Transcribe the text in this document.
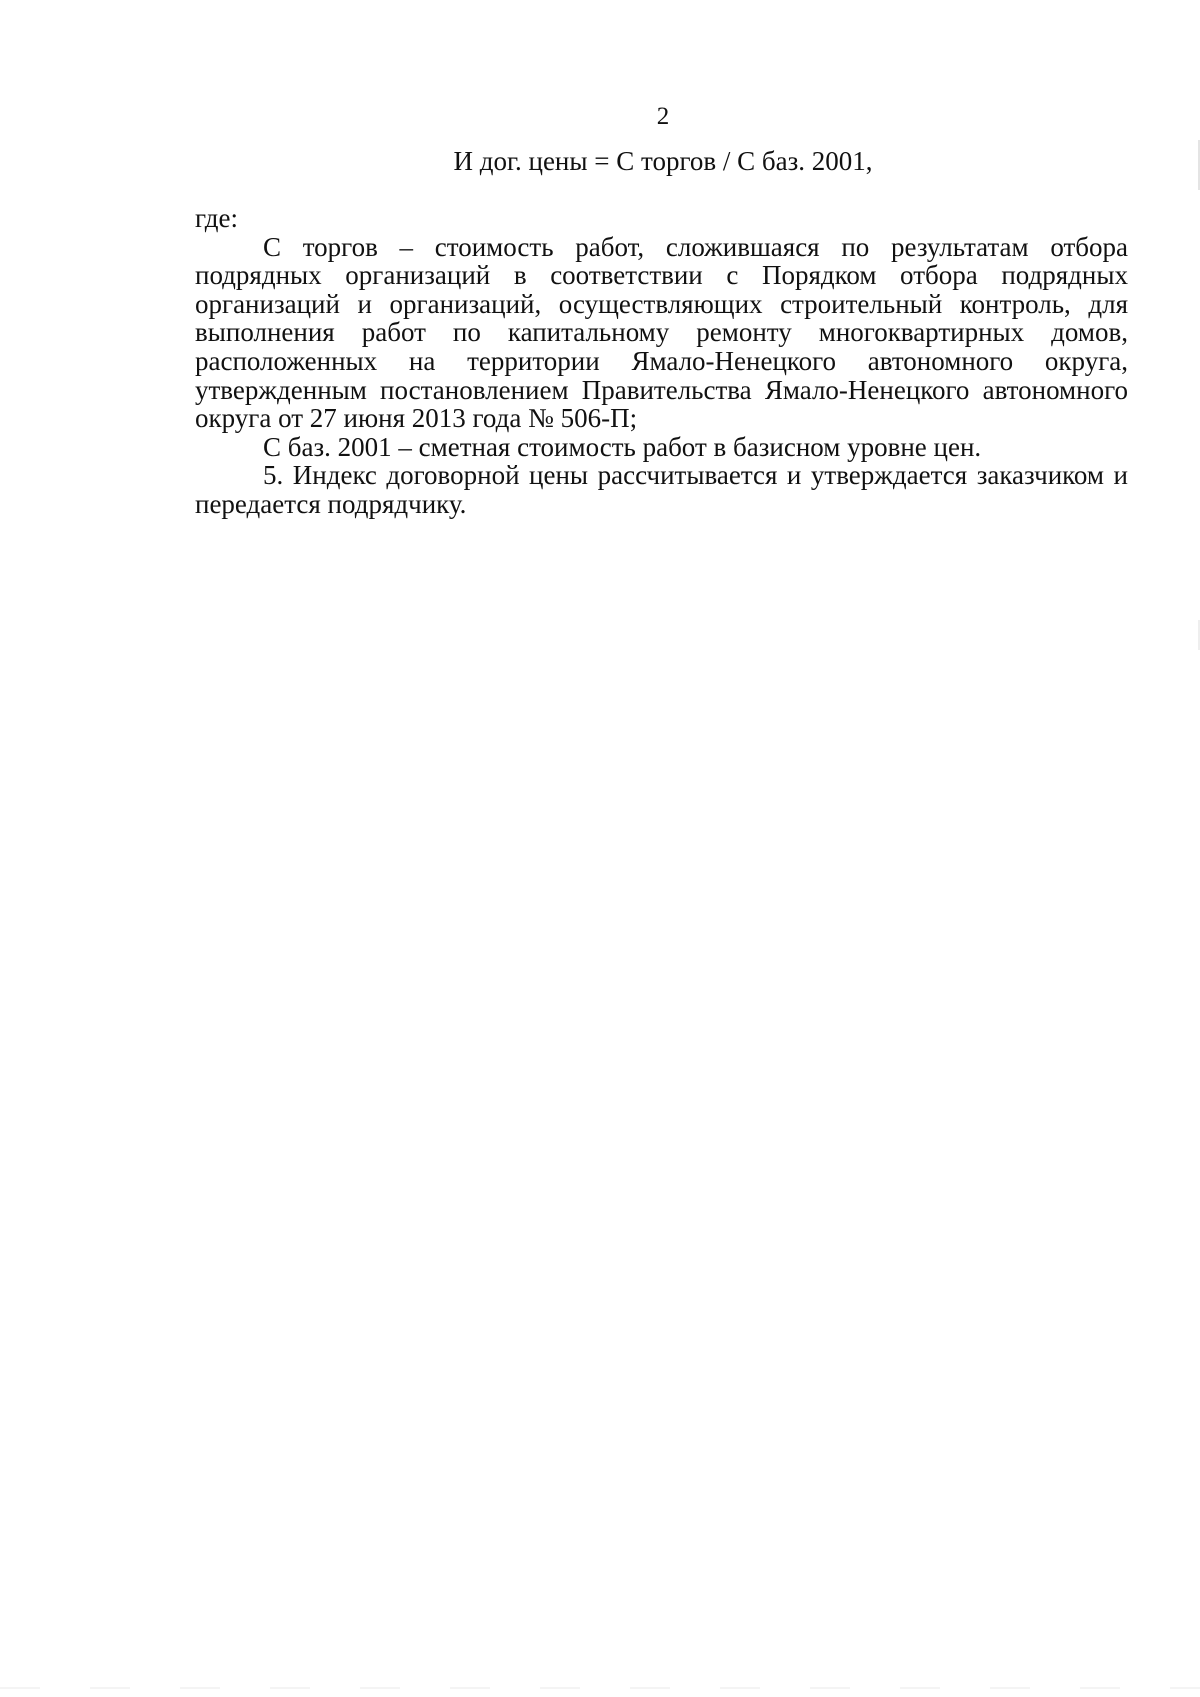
2
И дог. цены = С торгов / С баз. 2001,

где:

С торгов – стоимость работ, сложившаяся по результатам отбора подрядных организаций в соответствии с Порядком отбора подрядных организаций и организаций, осуществляющих строительный контроль, для выполнения работ по капитальному ремонту многоквартирных домов, расположенных на территории Ямало-Ненецкого автономного округа, утвержденным постановлением Правительства Ямало-Ненецкого автономного округа от 27 июня 2013 года № 506-П;

С баз. 2001 – сметная стоимость работ в базисном уровне цен.

5. Индекс договорной цены рассчитывается и утверждается заказчиком и передается подрядчику.
